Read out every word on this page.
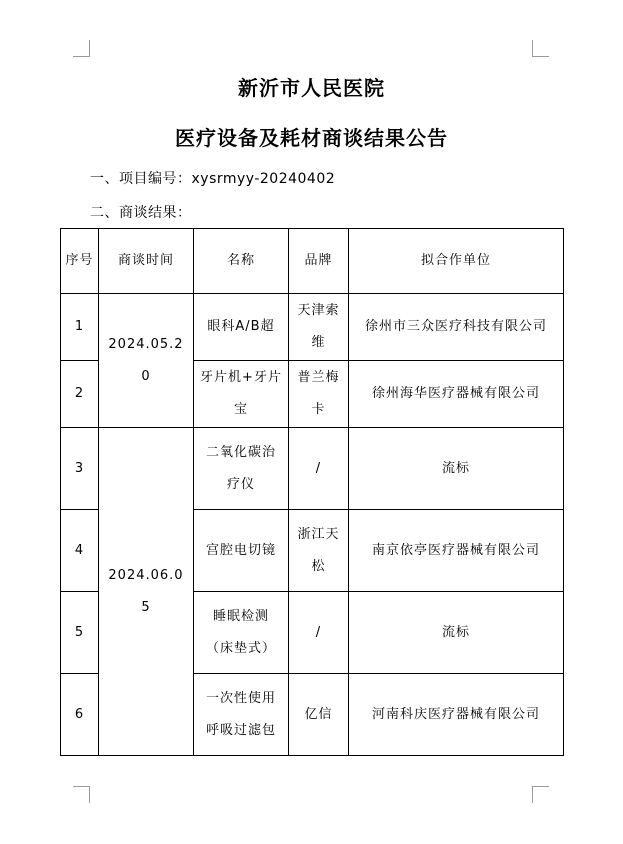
新沂市人民医院
医疗设备及耗材商谈结果公告
一、项目编号：xysrmyy-20240402
二、商谈结果：
序号	商谈时间	名称	品牌	拟合作单位
1	2024.05.20	眼科A/B超	天津索维	徐州市三众医疗科技有限公司
2		牙片机+牙片宝	普兰梅卡	徐州海华医疗器械有限公司
3	2024.06.05	二氧化碳治疗仪	/	流标
4		宫腔电切镜	浙江天松	南京依亭医疗器械有限公司
5		睡眠检测（床垫式）	/	流标
6		一次性使用呼吸过滤包	亿信	河南科庆医疗器械有限公司
